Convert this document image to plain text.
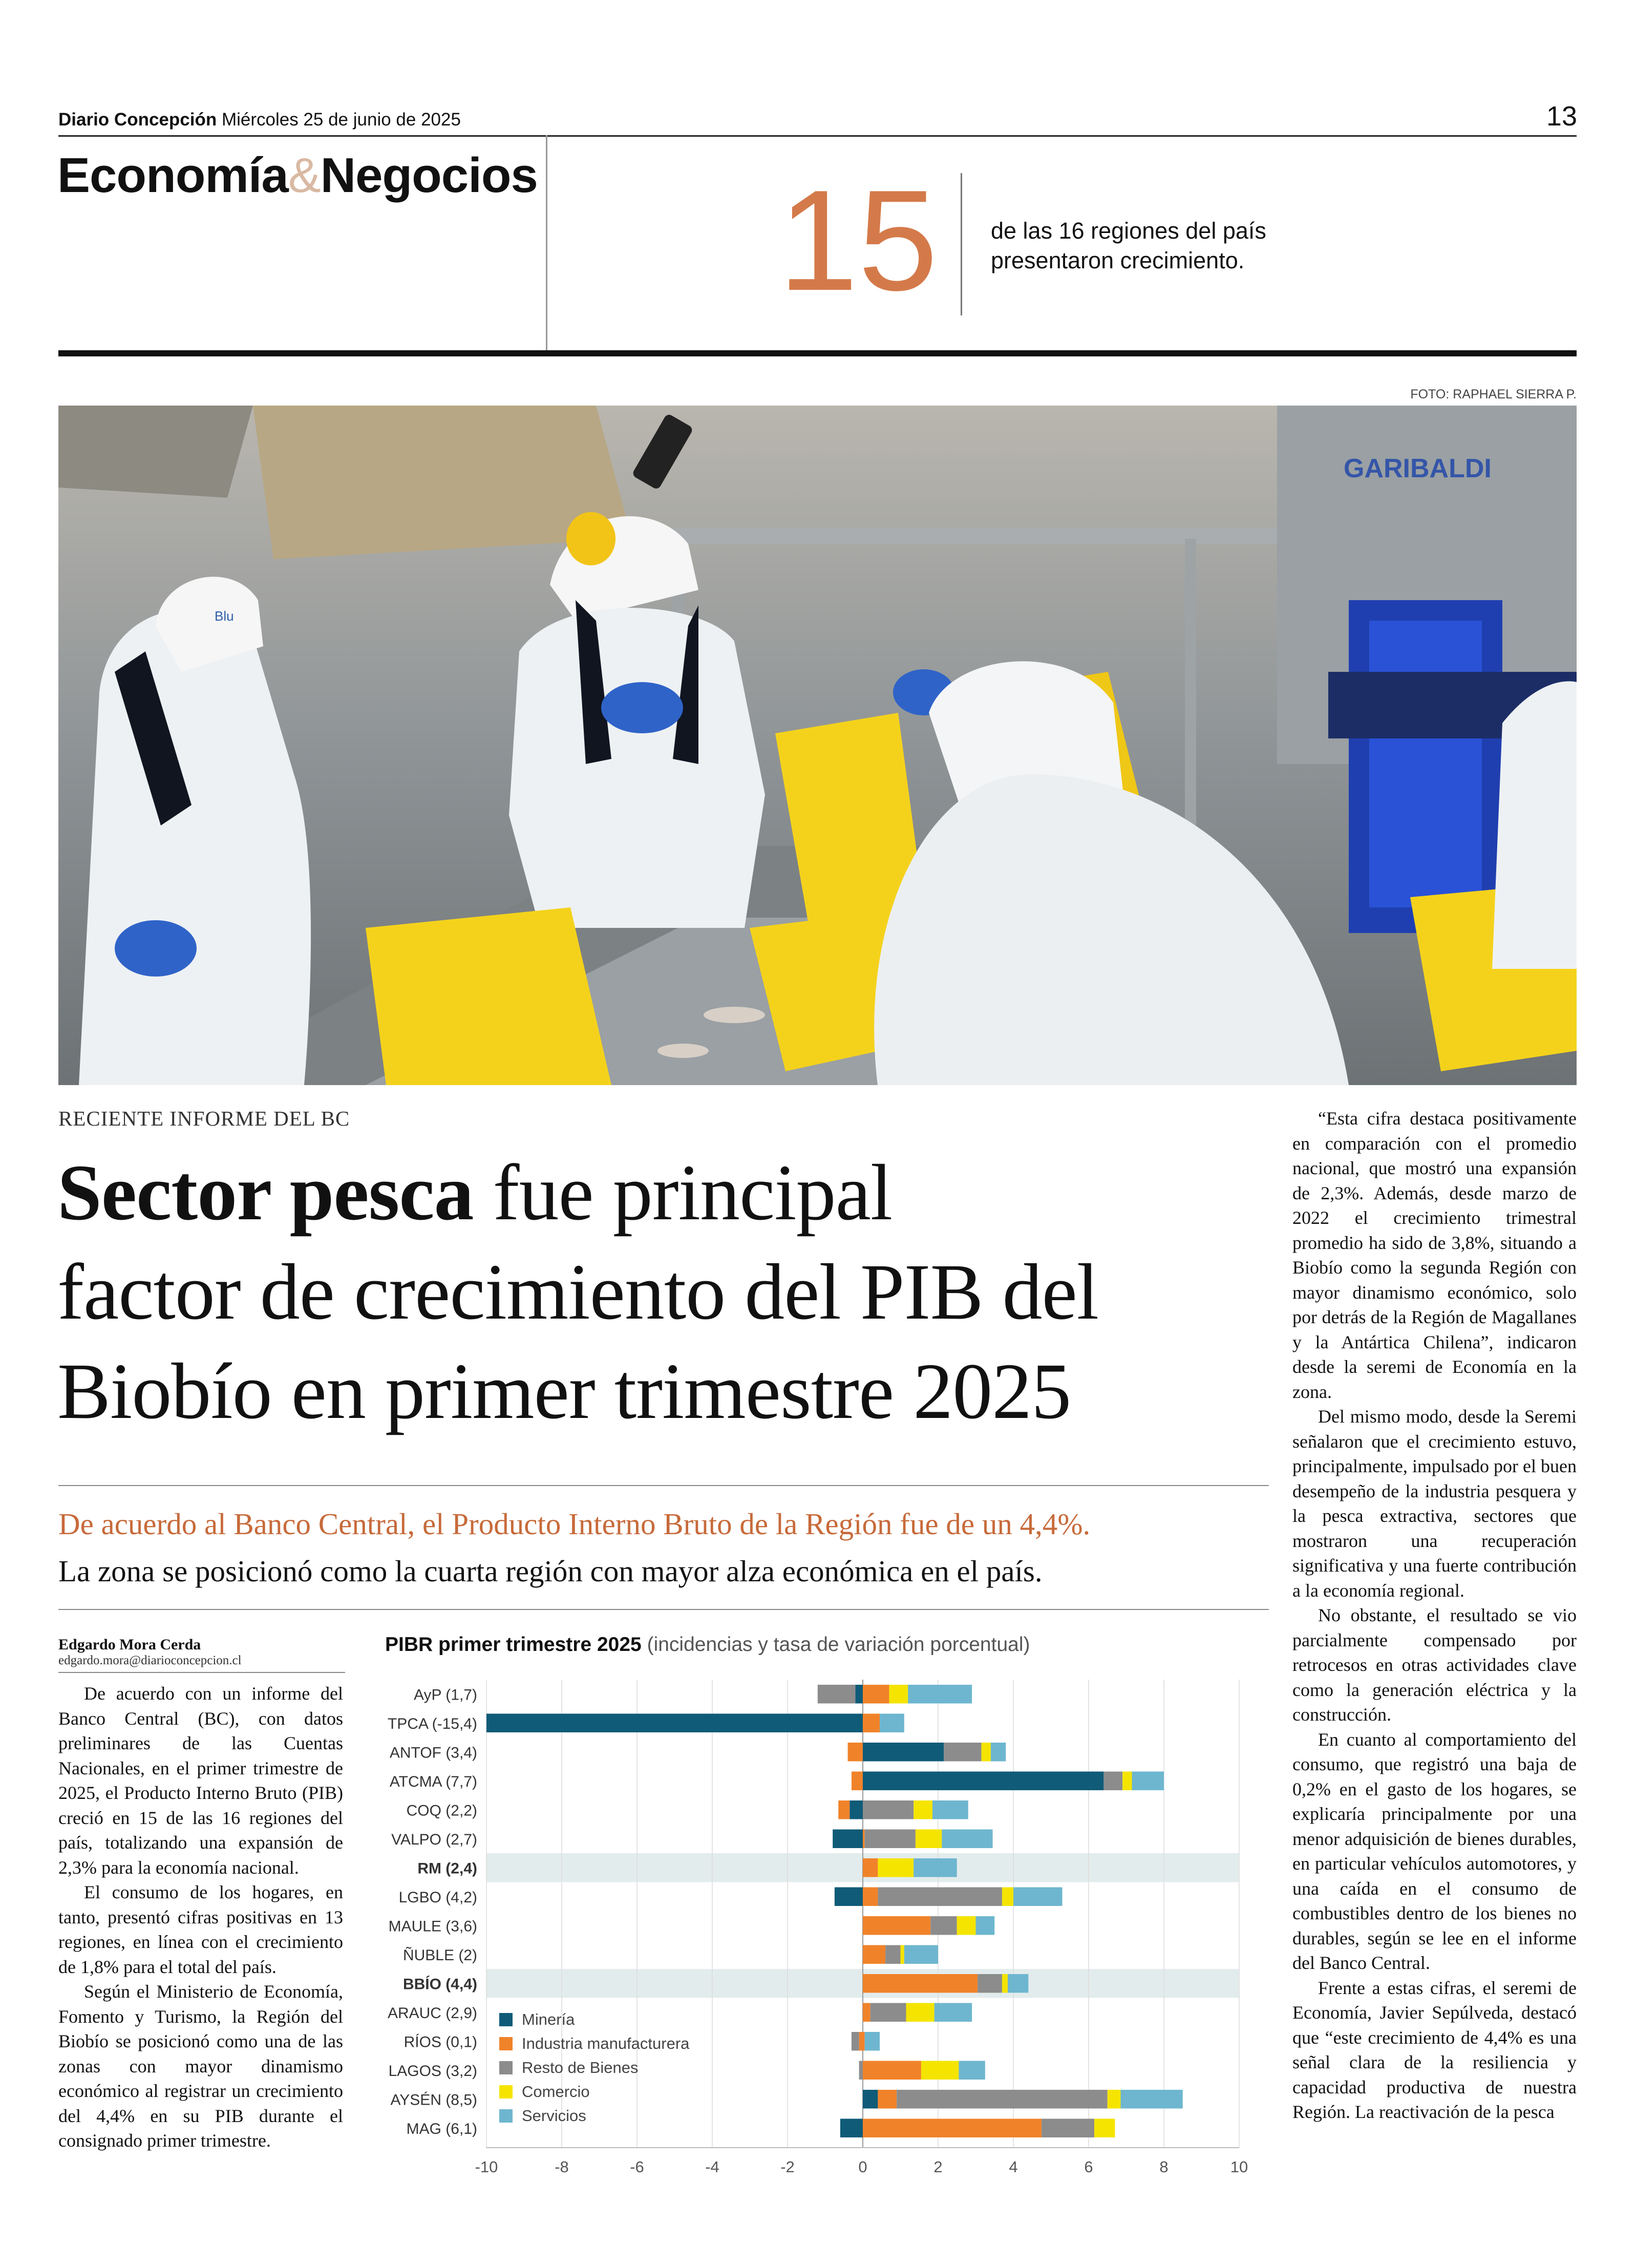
Diario Concepción Miércoles 25 de junio de 2025	13
Economía&Negocios 15 de las 16 regiones del país
presentaron crecimiento.
FOTO: RAPHAEL SIERRA P.
GARIBALDI
Blu
RECIENTE INFORME DEL BC
Sector pesca fue principal
factor de crecimiento del PIB del
Biobío en primer trimestre 2025
De acuerdo al Banco Central, el Producto Interno Bruto de la Región fue de un 4,4%.
La zona se posicionó como la cuarta región con mayor alza económica en el país.
Edgardo Mora Cerda
edgardo.mora@diarioconcepcion.cl

De acuerdo con un informe del Banco Central (BC), con datos preliminares de las Cuentas Nacionales, en el primer trimestre de 2025, el Producto Interno Bruto (PIB) creció en 15 de las 16 regiones del país, totalizando una expansión de 2,3% para la economía nacional.

El consumo de los hogares, en tanto, presentó cifras positivas en 13 regiones, en línea con el crecimiento de 1,8% para el total del país.

Según el Ministerio de Economía, Fomento y Turismo, la Región del Biobío se posicionó como una de las zonas con mayor dinamismo económico al registrar un crecimiento del 4,4% en su PIB durante el consignado primer trimestre.

“Esta cifra destaca positivamente en comparación con el promedio nacional, que mostró una expansión de 2,3%. Además, desde marzo de 2022 el crecimiento trimestral promedio ha sido de 3,8%, situando a Biobío como la segunda Región con mayor dinamismo económico, solo por detrás de la Región de Magallanes y la Antártica Chilena”, indicaron desde la seremi de Economía en la zona.

Del mismo modo, desde la Seremi señalaron que el crecimiento estuvo, principalmente, impulsado por el buen desempeño de la industria pesquera y la pesca extractiva, sectores que mostraron una recuperación significativa y una fuerte contribución a la economía regional.

No obstante, el resultado se vio parcialmente compensado por retrocesos en otras actividades clave como la generación eléctrica y la construcción.

En cuanto al comportamiento del consumo, que registró una baja de 0,2% en el gasto de los hogares, se explicaría principalmente por una menor adquisición de bienes durables, en particular vehículos automotores, y una caída en el consumo de combustibles dentro de los bienes no durables, según se lee en el informe del Banco Central.

Frente a estas cifras, el seremi de Economía, Javier Sepúlveda, destacó que “este crecimiento de 4,4% es una señal clara de la resiliencia y capacidad productiva de nuestra Región. La reactivación de la pesca

PIBR primer trimestre 2025 (incidencias y tasa de variación porcentual)
-10	-8	-6	-4	-2	0	2	4	6	8	10
AyP (1,7)
TPCA (-15,4)
ANTOF (3,4)
ATCMA (7,7)
COQ (2,2)
VALPO (2,7)
RM (2,4)
LGBO (4,2)
MAULE (3,6)
ÑUBLE (2)
BBÍO (4,4)
ARAUC (2,9)
RÍOS (0,1)
LAGOS (3,2)
AYSÉN (8,5)
MAG (6,1)
Minería
Industria manufacturera
Resto de Bienes
Comercio
Servicios
